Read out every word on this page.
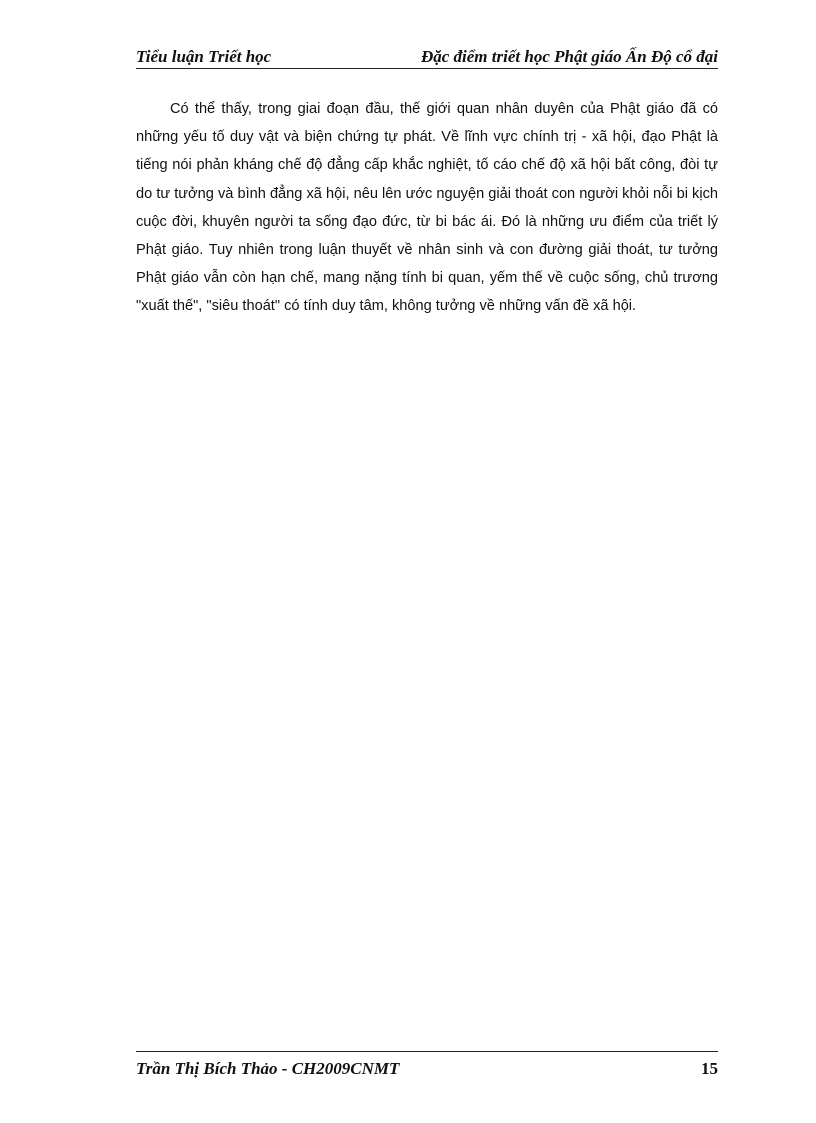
Tiểu luận Triết học	Đặc điểm triết học Phật giáo Ấn Độ cổ đại

Có thể thấy, trong giai đoạn đầu, thế giới quan nhân duyên của Phật giáo đã có những yếu tố duy vật và biện chứng tự phát. Về lĩnh vực chính trị - xã hội, đạo Phật là tiếng nói phản kháng chế độ đẳng cấp khắc nghiệt, tố cáo chế độ xã hội bất công, đòi tự do tư tưởng và bình đẳng xã hội, nêu lên ước nguyện giải thoát con người khỏi nỗi bi kịch cuộc đời, khuyên người ta sống đạo đức, từ bi bác ái. Đó là những ưu điểm của triết lý Phật giáo. Tuy nhiên trong luận thuyết về nhân sinh và con đường giải thoát, tư tưởng Phật giáo vẫn còn hạn chế, mang nặng tính bi quan, yếm thế về cuộc sống, chủ trương "xuất thế", "siêu thoát" có tính duy tâm, không tưởng về những vấn đề xã hội.

Trần Thị Bích Thảo - CH2009CNMT	15
